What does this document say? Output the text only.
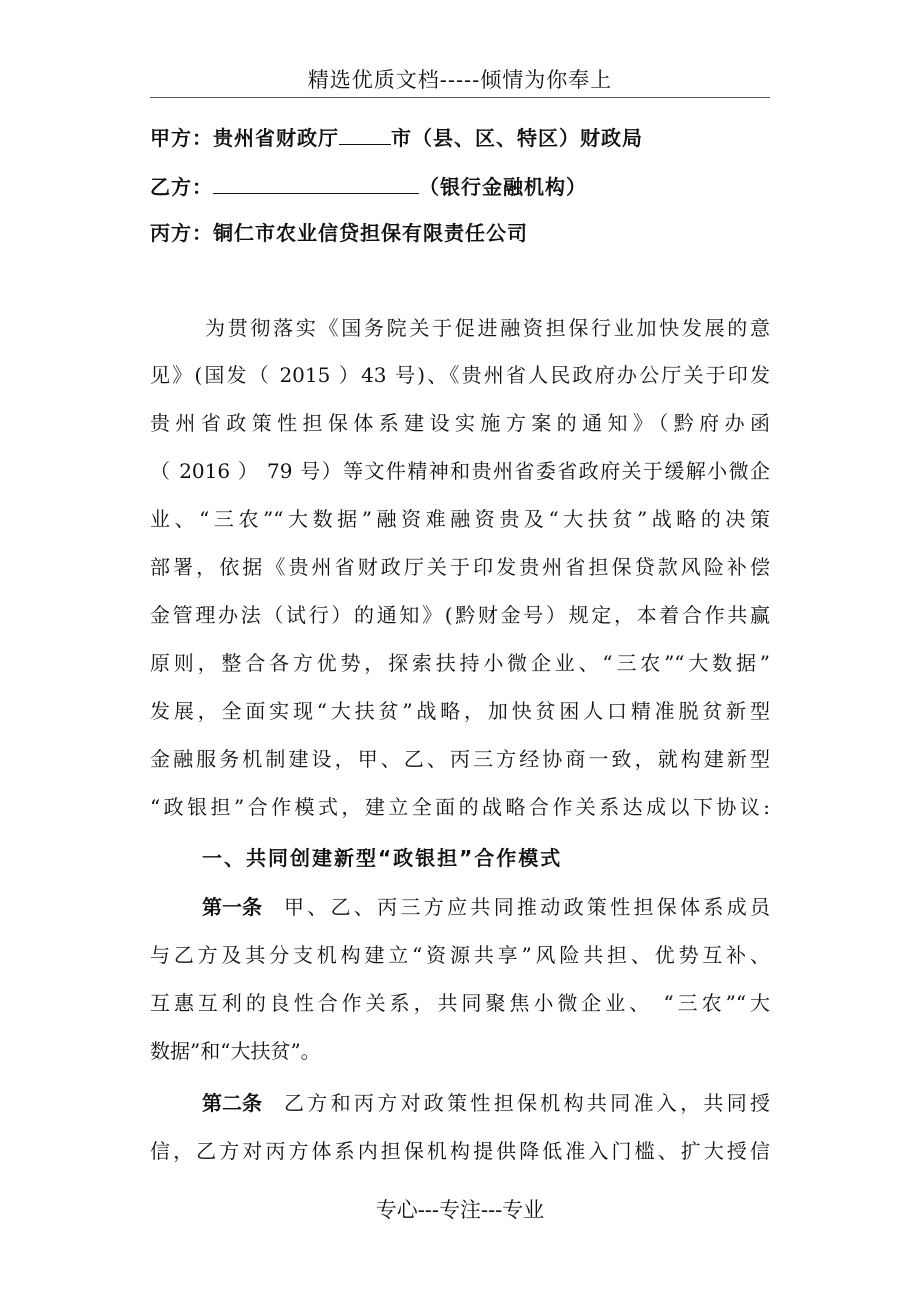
精选优质文档-----倾情为你奉上
甲方：贵州省财政厅	市（县、区、特区）财政局
乙方：	（银行金融机构）
丙方：铜仁市农业信贷担保有限责任公司
为贯彻落实《国务院关于促进融资担保行业加快发展的意
见》(国发（ 2015 ）43 号)、《贵州省人民政府办公厅关于印发
贵州省政策性担保体系建设实施方案的通知》（黔府办函
（ 2016 ） 79 号）等文件精神和贵州省委省政府关于缓解小微企
业、“三农”“大数据”融资难融资贵及“大扶贫”战略的决策
部署，依据《贵州省财政厅关于印发贵州省担保贷款风险补偿
金管理办法（试行）的通知》(黔财金号）规定，本着合作共赢
原则，整合各方优势，探索扶持小微企业、“三农”“大数据”
发展，全面实现“大扶贫”战略，加快贫困人口精准脱贫新型
金融服务机制建设，甲、乙、丙三方经协商一致，就构建新型
“政银担”合作模式，建立全面的战略合作关系达成以下协议:
一、共同创建新型“政银担”合作模式
第一条 甲、乙、丙三方应共同推动政策性担保体系成员
与乙方及其分支机构建立“资源共享”风险共担、优势互补、
互惠互利的良性合作关系，共同聚焦小微企业、 “三农”“大
数据”和“大扶贫”。
第二条 乙方和丙方对政策性担保机构共同准入，共同授
信，乙方对丙方体系内担保机构提供降低准入门槛、扩大授信
专心---专注---专业
